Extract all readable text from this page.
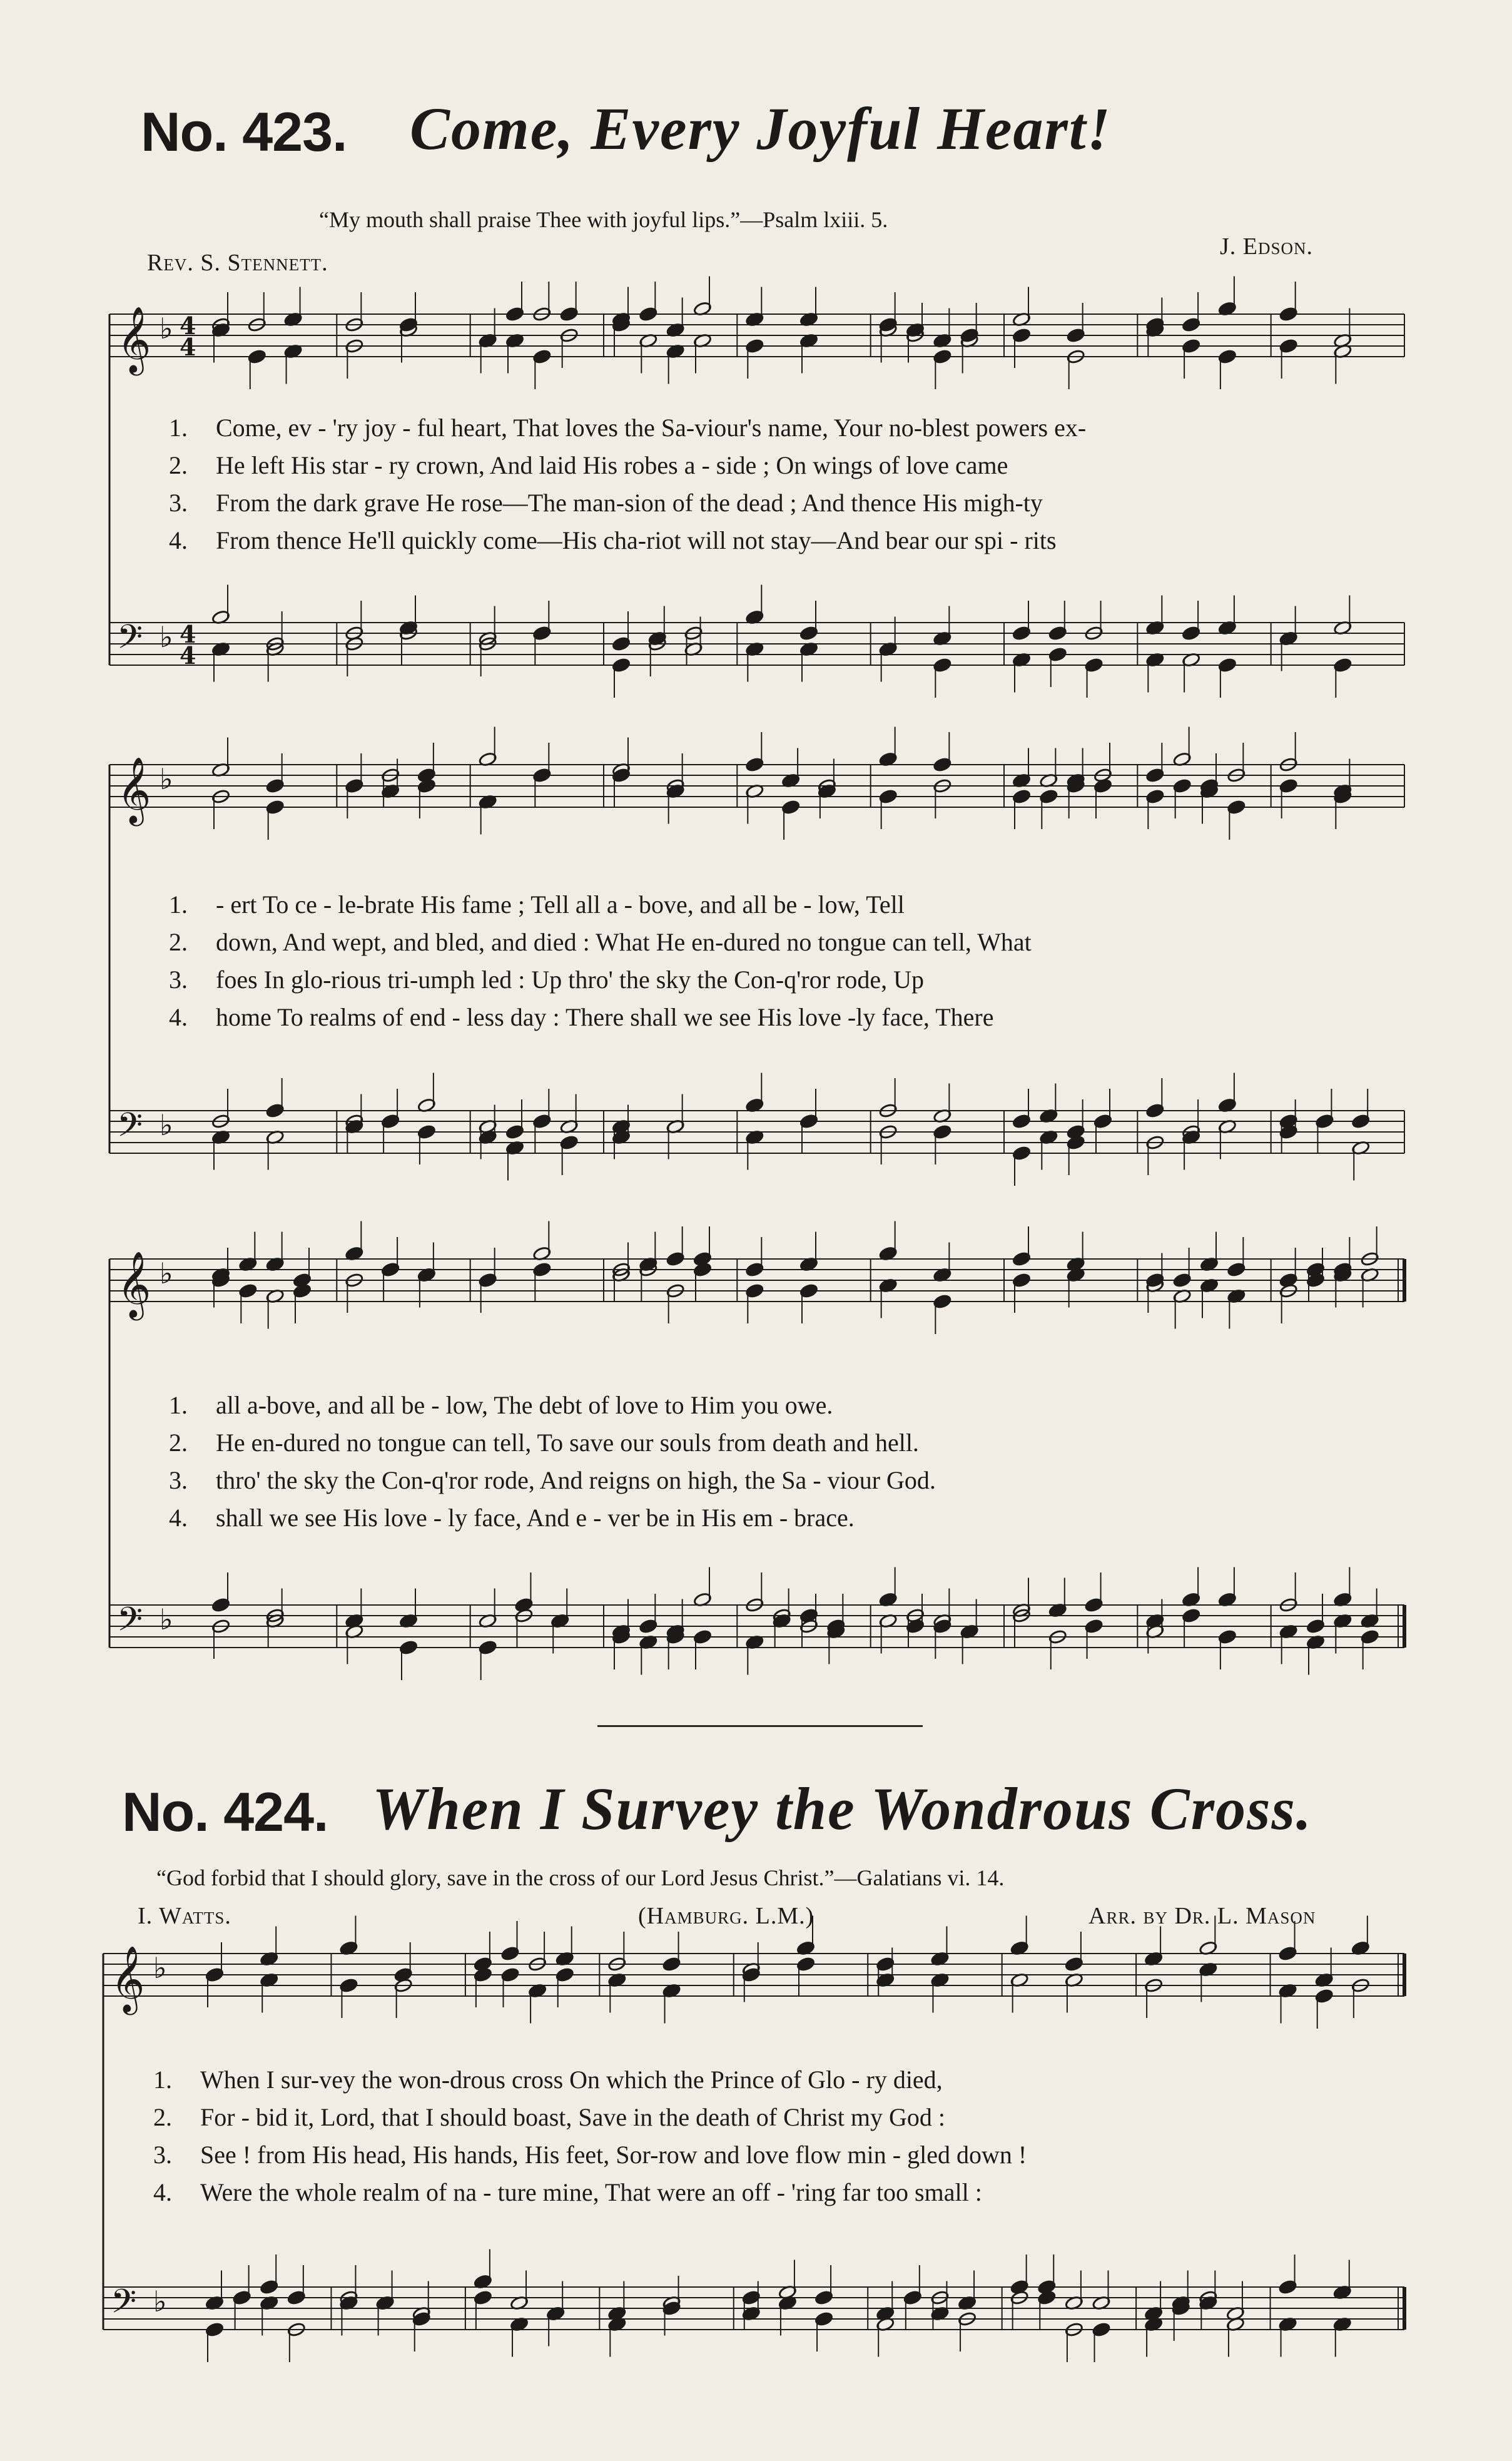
No. 423. Come, Every Joyful Heart!
“My mouth shall praise Thee with joyful lips.”—Psalm lxiii. 5.
Rev. S. Stennett.
J. Edson.
𝄞 ♭ 4
4
𝄢 ♭ 4
4
1.	Come, ev - 'ry joy - ful heart, That loves the Sa-viour's name, Your no-blest powers ex-
2.	He left His star - ry crown, And laid His robes a - side ; On wings of love came
3.	From the dark grave He rose—The man-sion of the dead ; And thence His migh-ty
4.	From thence He'll quickly come—His cha-riot will not stay—And bear our spi - rits
𝄞 ♭
𝄢 ♭
1.	- ert To ce - le-brate His fame ; Tell all a - bove, and all be - low, Tell
2.	down, And wept, and bled, and died : What He en-dured no tongue can tell, What
3.	foes In glo-rious tri-umph led : Up thro' the sky the Con-q'ror rode, Up
4.	home To realms of end - less day : There shall we see His love -ly face, There
𝄞 ♭
𝄢 ♭
1.	all a-bove, and all be - low, The debt of love to Him you owe.
2.	He en-dured no tongue can tell, To save our souls from death and hell.
3.	thro' the sky the Con-q'ror rode, And reigns on high, the Sa - viour God.
4.	shall we see His love - ly face, And e - ver be in His em - brace.
No. 424. When I Survey the Wondrous Cross.
“God forbid that I should glory, save in the cross of our Lord Jesus Christ.”—Galatians vi. 14.
I. Watts.	(Hamburg. L.M.)	Arr. by Dr. L. Mason
𝄞 ♭
𝄢 ♭
1.	When I sur-vey the won-drous cross On which the Prince of Glo - ry died,
2.	For - bid it, Lord, that I should boast, Save in the death of Christ my God :
3.	See ! from His head, His hands, His feet, Sor-row and love flow min - gled down !
4.	Were the whole realm of na - ture mine, That were an off - 'ring far too small :
